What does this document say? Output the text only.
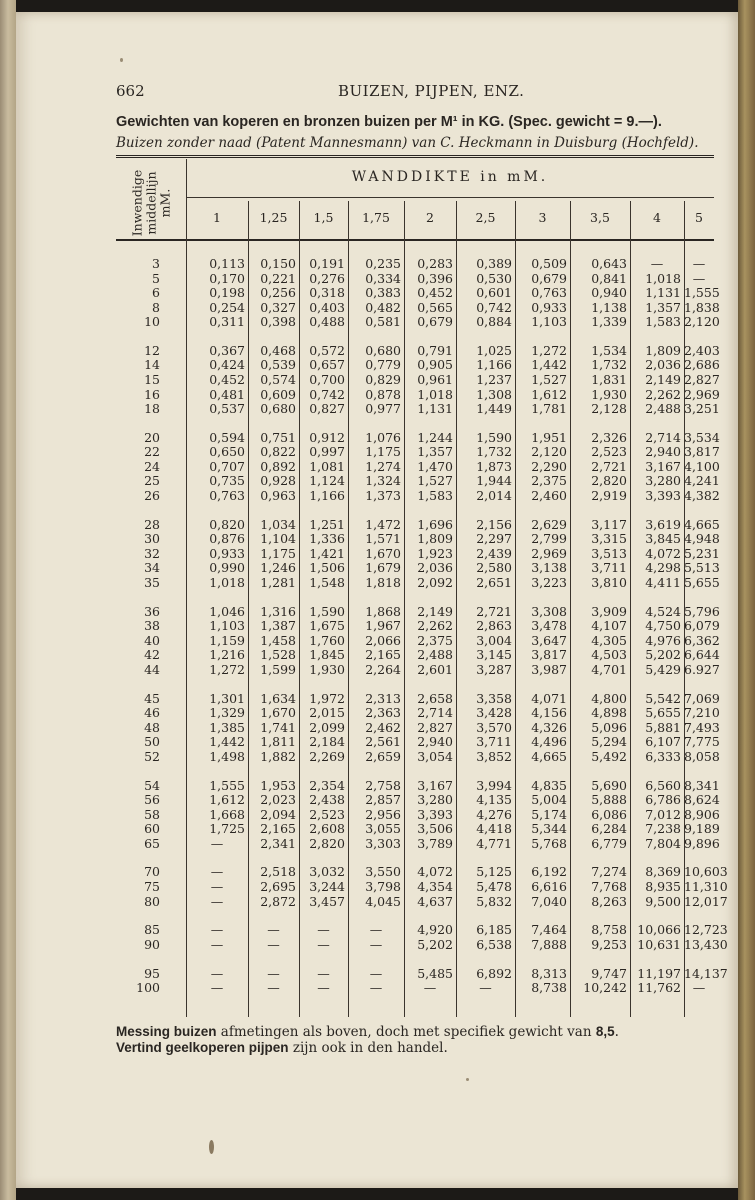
662	BUIZEN, PIJPEN, ENZ.
Gewichten van koperen en bronzen buizen per M¹ in KG. (Spec. gewicht = 9.—).
Buizen zonder naad (Patent Mannesmann) van C. Heckmann in Duisburg (Hochfeld).
Inwendige
middellijn
mM.
WANDDIKTE in mM.
1	1,25	1,5	1,75	2	2,5	3	3,5	4	5
3	0,113	0,150	0,191	0,235	0,283	0,389	0,509	0,643	—	—
5	0,170	0,221	0,276	0,334	0,396	0,530	0,679	0,841	1,018 —
6	0,198	0,256	0,318	0,383	0,452	0,601	0,763	0,940	1,131 1,555
8	0,254	0,327	0,403	0,482	0,565	0,742	0,933	1,138	1,357 1,838
10	0,311	0,398	0,488	0,581	0,679	0,884	1,103	1,339	1,583 2,120
12	0,367	0,468	0,572	0,680	0,791	1,025	1,272	1,534	1,809 2,403
14	0,424	0,539	0,657	0,779	0,905	1,166	1,442	1,732	2,036 2,686
15	0,452	0,574	0,700	0,829	0,961	1,237	1,527	1,831	2,149 2,827
16	0,481	0,609	0,742	0,878	1,018	1,308	1,612	1,930	2,262 2,969
18	0,537	0,680	0,827	0,977	1,131	1,449	1,781	2,128	2,488 3,251
20	0,594	0,751	0,912	1,076	1,244	1,590	1,951	2,326	2,714 3,534
22	0,650	0,822	0,997	1,175	1,357	1,732	2,120	2,523	2,940 3,817
24	0,707	0,892	1,081	1,274	1,470	1,873	2,290	2,721	3,167 4,100
25	0,735	0,928	1,124	1,324	1,527	1,944	2,375	2,820	3,280 4,241
26	0,763	0,963	1,166	1,373	1,583	2,014	2,460	2,919	3,393 4,382
28	0,820	1,034	1,251	1,472	1,696	2,156	2,629	3,117	3,619 4,665
30	0,876	1,104	1,336	1,571	1,809	2,297	2,799	3,315	3,845 4,948
32	0,933	1,175	1,421	1,670	1,923	2,439	2,969	3,513	4,072 5,231
34	0,990	1,246	1,506	1,679	2,036	2,580	3,138	3,711	4,298 5,513
35	1,018	1,281	1,548	1,818	2,092	2,651	3,223	3,810	4,411 5,655
36	1,046	1,316	1,590	1,868	2,149	2,721	3,308	3,909	4,524 5,796
38	1,103	1,387	1,675	1,967	2,262	2,863	3,478	4,107	4,750 6,079
40	1,159	1,458	1,760	2,066	2,375	3,004	3,647	4,305	4,976 6,362
42	1,216	1,528	1,845	2,165	2,488	3,145	3,817	4,503	5,202 6,644
44	1,272	1,599	1,930	2,264	2,601	3,287	3,987	4,701	5,429 6.927
45	1,301	1,634	1,972	2,313	2,658	3,358	4,071	4,800	5,542 7,069
46	1,329	1,670	2,015	2,363	2,714	3,428	4,156	4,898	5,655 7,210
48	1,385	1,741	2,099	2,462	2,827	3,570	4,326	5,096	5,881 7,493
50	1,442	1,811	2,184	2,561	2,940	3,711	4,496	5,294	6,107 7,775
52	1,498	1,882	2,269	2,659	3,054	3,852	4,665	5,492	6,333 8,058
54	1,555	1,953	2,354	2,758	3,167	3,994	4,835	5,690	6,560 8,341
56	1,612	2,023	2,438	2,857	3,280	4,135	5,004	5,888	6,786 8,624
58	1,668	2,094	2,523	2,956	3,393	4,276	5,174	6,086	7,012 8,906
60	1,725	2,165	2,608	3,055	3,506	4,418	5,344	6,284	7,238 9,189
65	—	2,341	2,820	3,303	3,789	4,771	5,768	6,779	7,804 9,896
70	—	2,518	3,032	3,550	4,072	5,125	6,192	7,274	8,369 10,603
75	—	2,695	3,244	3,798	4,354	5,478	6,616	7,768	8,935 11,310
80	—	2,872	3,457	4,045	4,637	5,832	7,040	8,263	9,500 12,017
85	—	—	—	—	4,920	6,185	7,464	8,758 10,066 12,723
90	—	—	—	—	5,202	6,538	7,888	9,253 10,631 13,430
95	—	—	—	—	5,485	6,892	8,313	9,747 11,197 14,137
100	—	—	—	—	—	—	8,738	10,242 11,762 —
Messing buizen afmetingen als boven, doch met specifiek gewicht van 8,5.
Vertind geelkoperen pijpen zijn ook in den handel.
